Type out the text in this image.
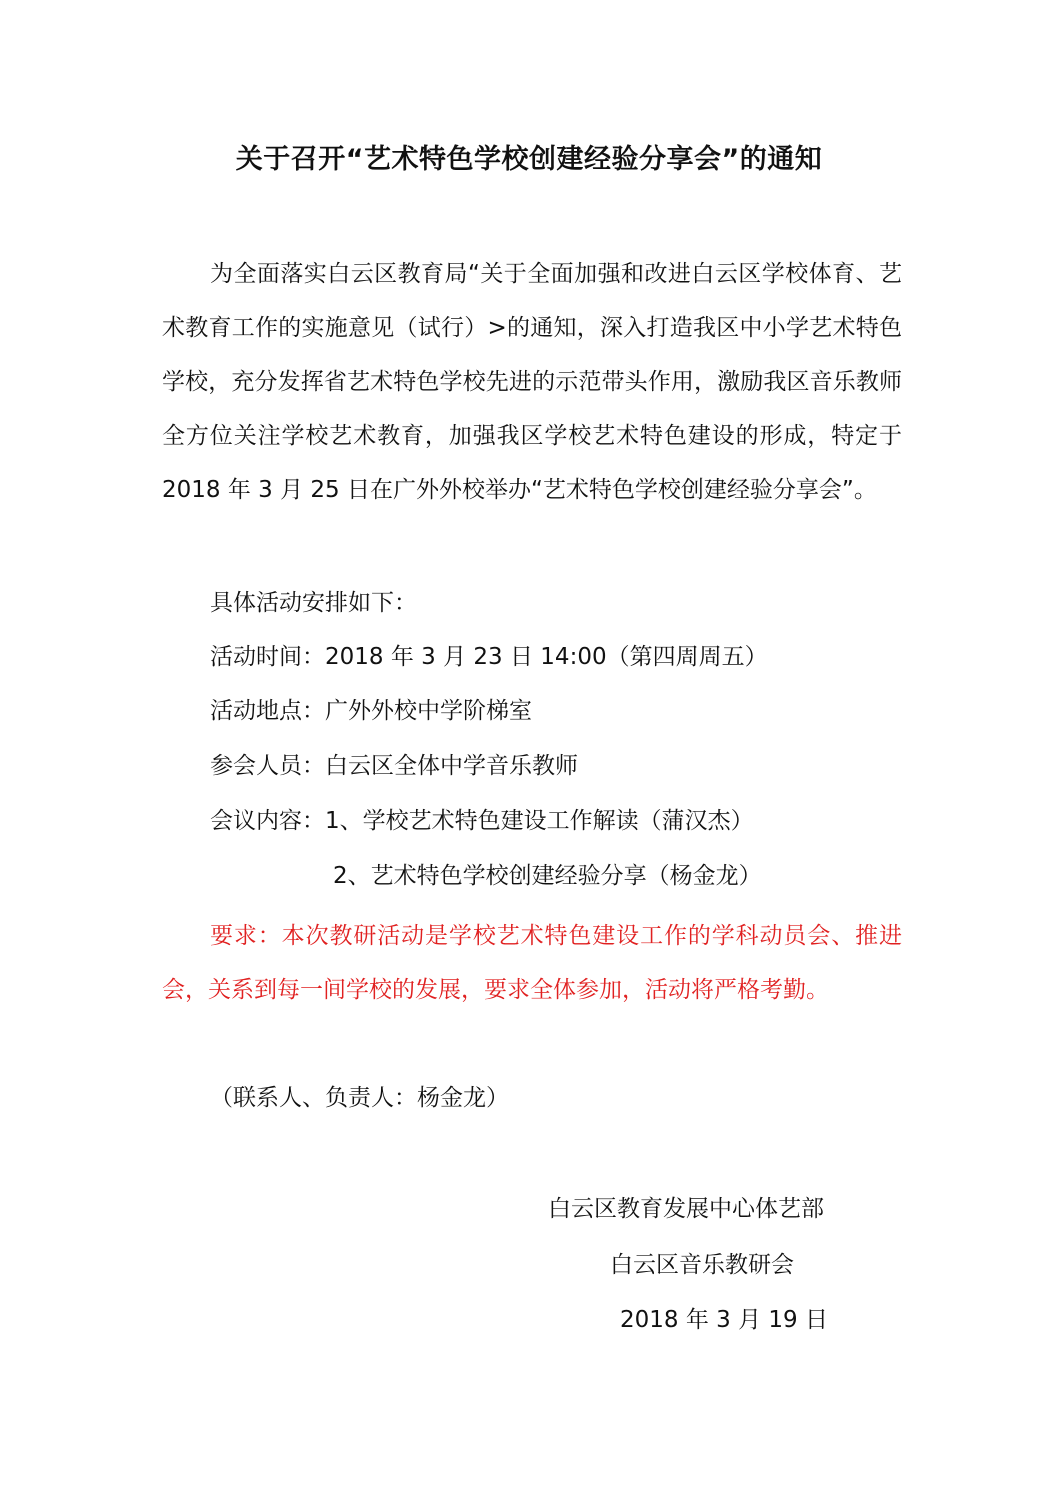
关于召开“艺术特色学校创建经验分享会”的通知
为全面落实白云区教育局“关于全面加强和改进白云区学校体育、艺术教育工作的实施意见（试行）>的通知，深入打造我区中小学艺术特色学校，充分发挥省艺术特色学校先进的示范带头作用，激励我区音乐教师全方位关注学校艺术教育，加强我区学校艺术特色建设的形成，特定于 2018 年 3 月 25 日在广外外校举办“艺术特色学校创建经验分享会”。
具体活动安排如下：
活动时间：2018 年 3 月 23 日 14:00（第四周周五）
活动地点：广外外校中学阶梯室
参会人员：白云区全体中学音乐教师
会议内容：1、学校艺术特色建设工作解读（蒲汉杰）
2、艺术特色学校创建经验分享（杨金龙）
要求：本次教研活动是学校艺术特色建设工作的学科动员会、推进会，关系到每一间学校的发展，要求全体参加，活动将严格考勤。
（联系人、负责人：杨金龙）
白云区教育发展中心体艺部
白云区音乐教研会
2018 年 3 月 19 日
